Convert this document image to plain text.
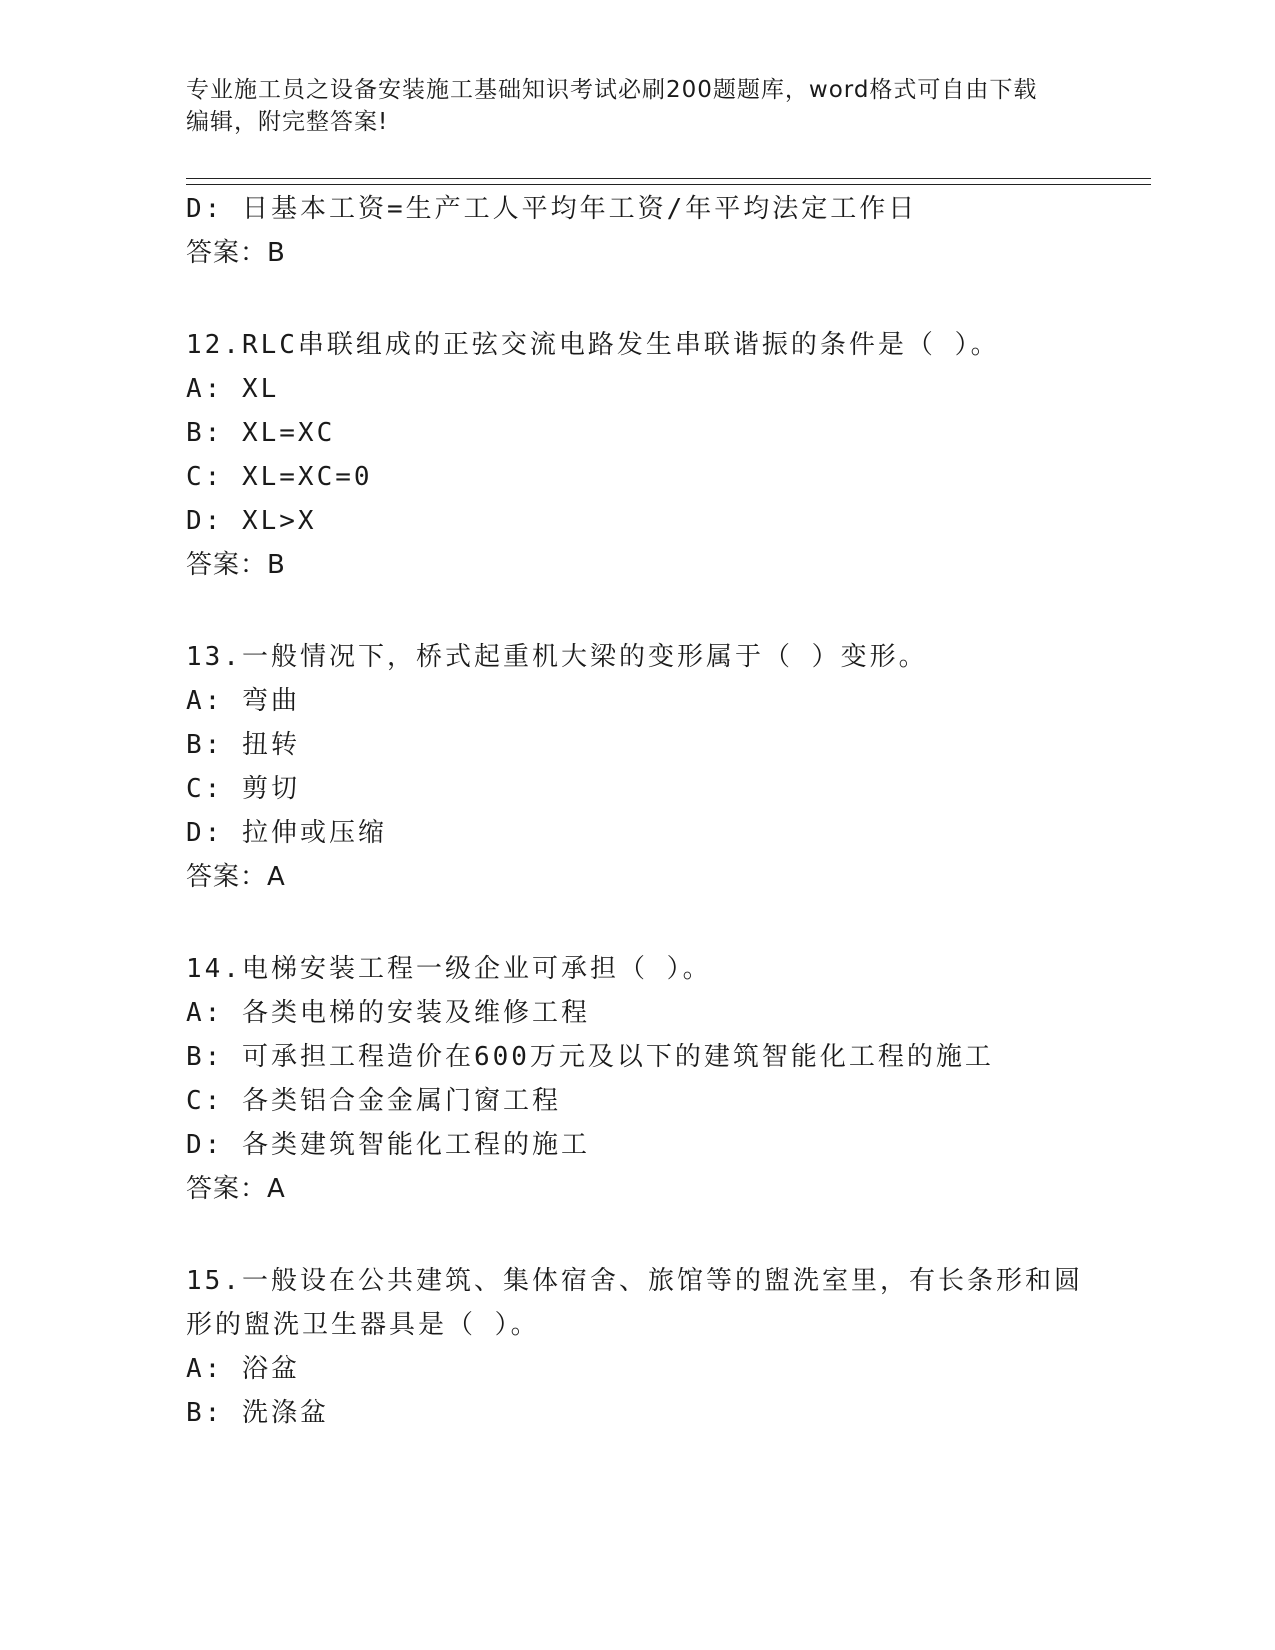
专业施工员之设备安装施工基础知识考试必刷200题题库，word格式可自由下载
编辑，附完整答案!
D: 日基本工资=生产工人平均年工资/年平均法定工作日
答案：B
12.RLC串联组成的正弦交流电路发生串联谐振的条件是（ ）。
A: XL
B: XL=XC
C: XL=XC=0
D: XL>X
答案：B
13.一般情况下，桥式起重机大梁的变形属于（ ）变形。
A: 弯曲
B: 扭转
C: 剪切
D: 拉伸或压缩
答案：A
14.电梯安装工程一级企业可承担（ ）。
A: 各类电梯的安装及维修工程
B: 可承担工程造价在600万元及以下的建筑智能化工程的施工
C: 各类铝合金金属门窗工程
D: 各类建筑智能化工程的施工
答案：A
15.一般设在公共建筑、集体宿舍、旅馆等的盥洗室里，有长条形和圆
形的盥洗卫生器具是（ ）。
A: 浴盆
B: 洗涤盆
